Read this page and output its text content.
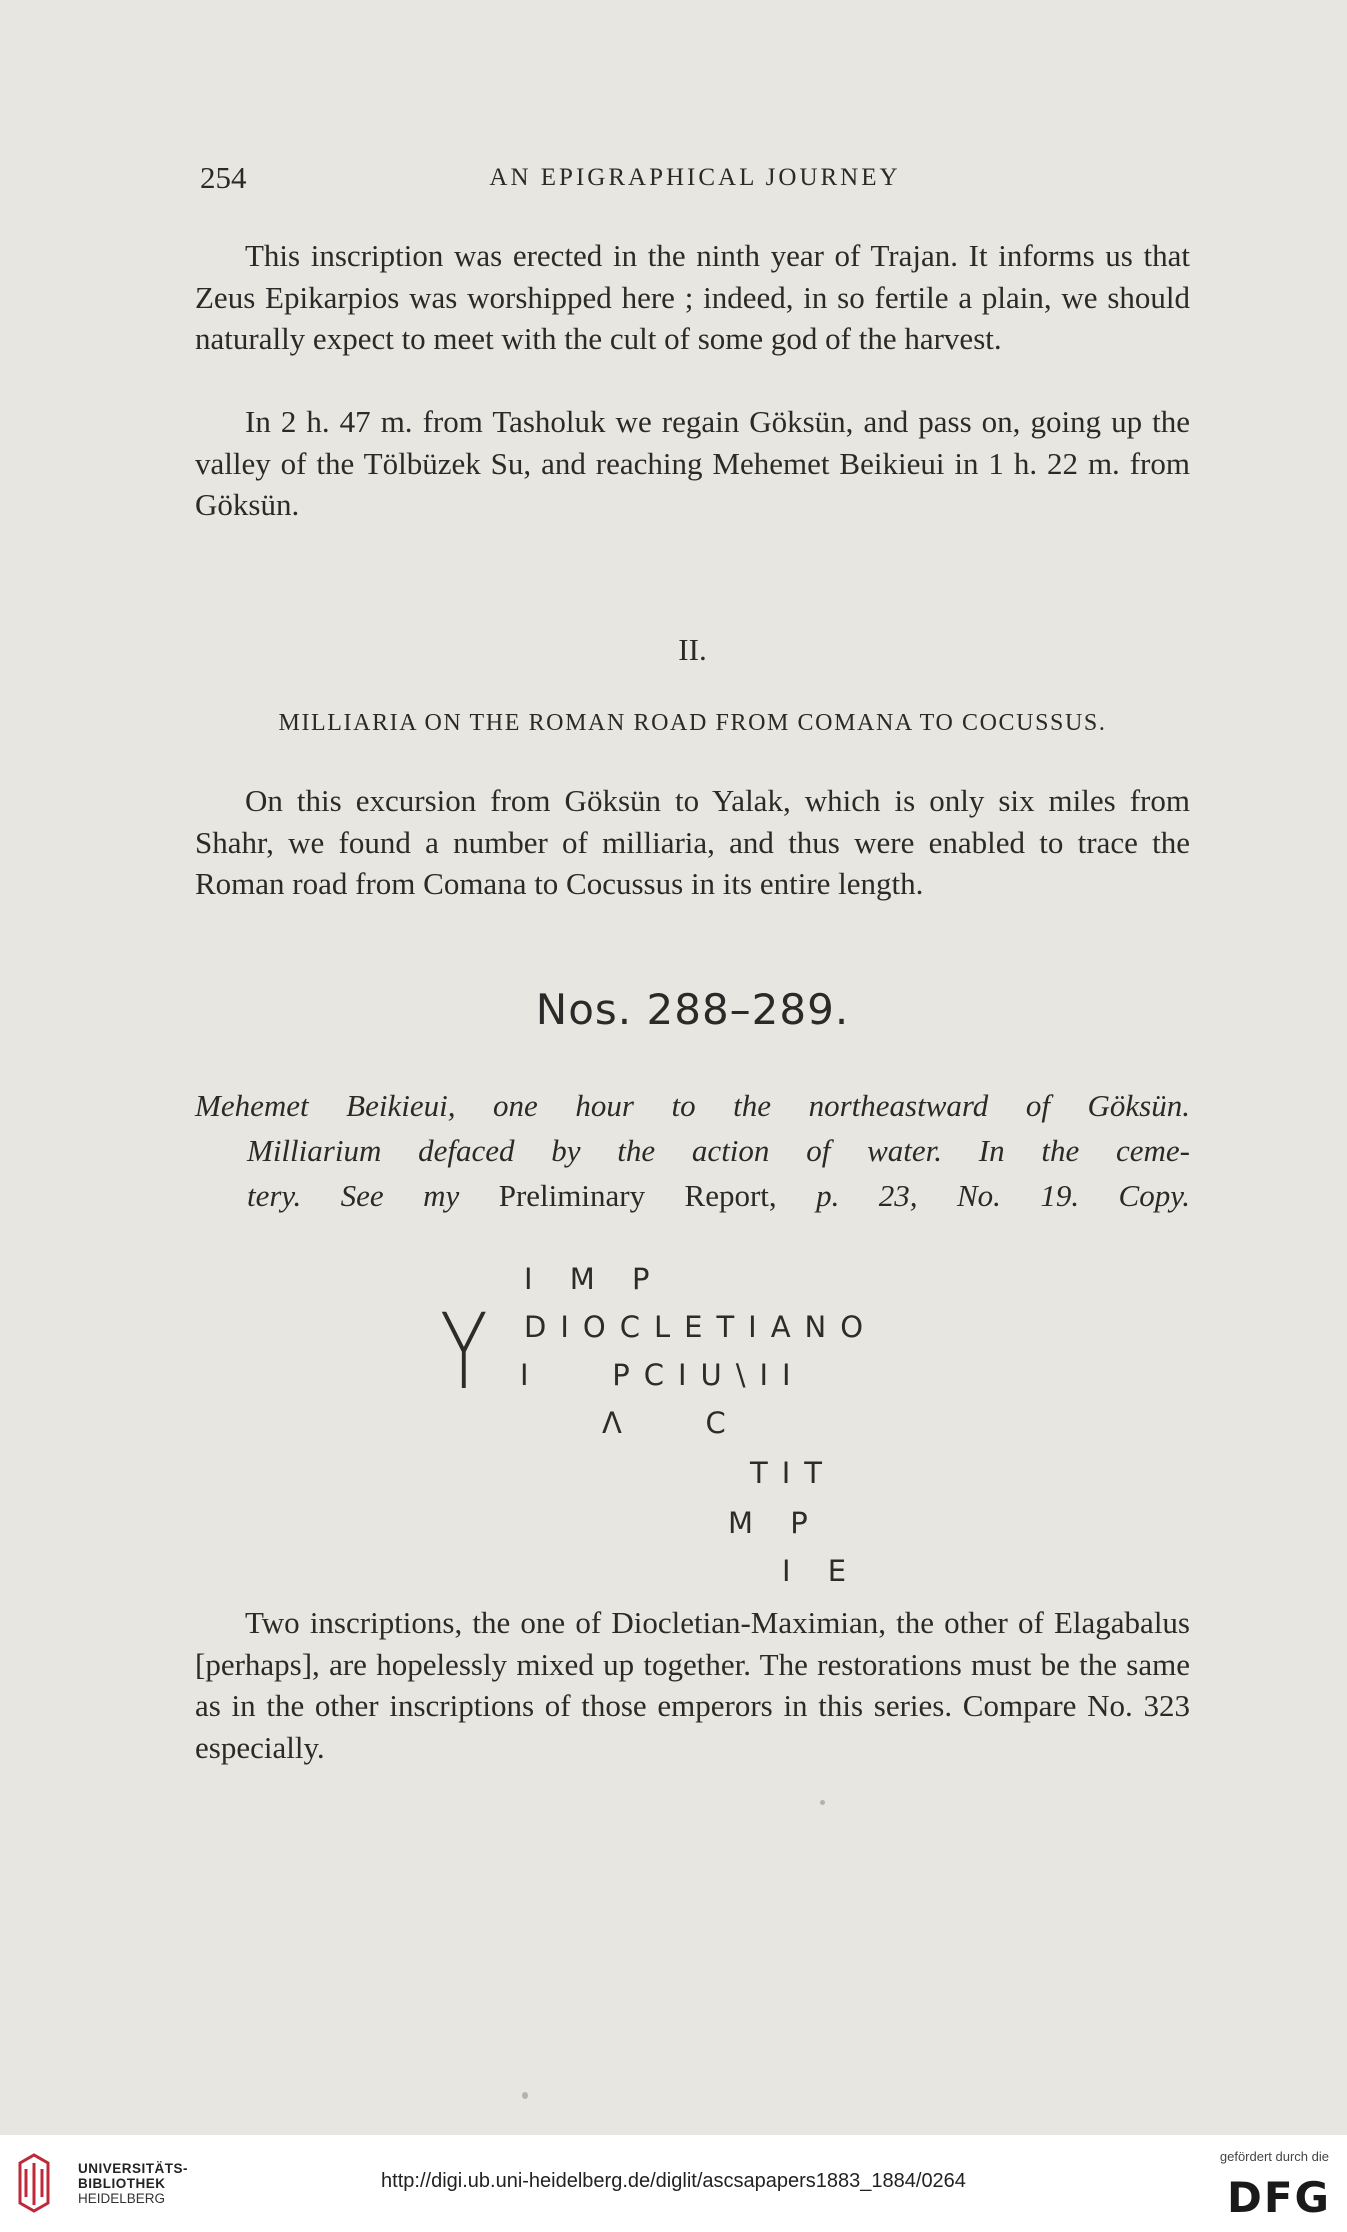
254	AN EPIGRAPHICAL JOURNEY

This inscription was erected in the ninth year of Trajan. It informs us that Zeus Epikarpios was worshipped here ; indeed, in so fertile a plain, we should naturally expect to meet with the cult of some god of the harvest.

In 2 h. 47 m. from Tasholuk we regain Göksün, and pass on, going up the valley of the Tölbüzek Su, and reaching Mehemet Beikieui in 1 h. 22 m. from Göksün.

II.
MILLIARIA ON THE ROMAN ROAD FROM COMANA TO COCUSSUS.

On this excursion from Göksün to Yalak, which is only six miles from Shahr, we found a number of milliaria, and thus were enabled to trace the Roman road from Comana to Cocussus in its entire length.

Nos. 288–289.
Mehemet Beikieui, one hour to the northeastward of Göksün.
Milliarium defaced by the action of water. In the ceme-
tery. See my Preliminary Report, p. 23, No. 19. Copy.
Y
I M P
DIOCLETIANO
I   PCIU\II
Λ   C
TIT
M P
I E

Two inscriptions, the one of Diocletian-Maximian, the other of Elagabalus [perhaps], are hopelessly mixed up together. The restorations must be the same as in the other inscriptions of those emperors in this series. Compare No. 323 especially.

UNIVERSITÄTS-
BIBLIOTHEK
HEIDELBERG
http://digi.ub.uni-heidelberg.de/diglit/ascsapapers1883_1884/0264
gefördert durch die
DFG
